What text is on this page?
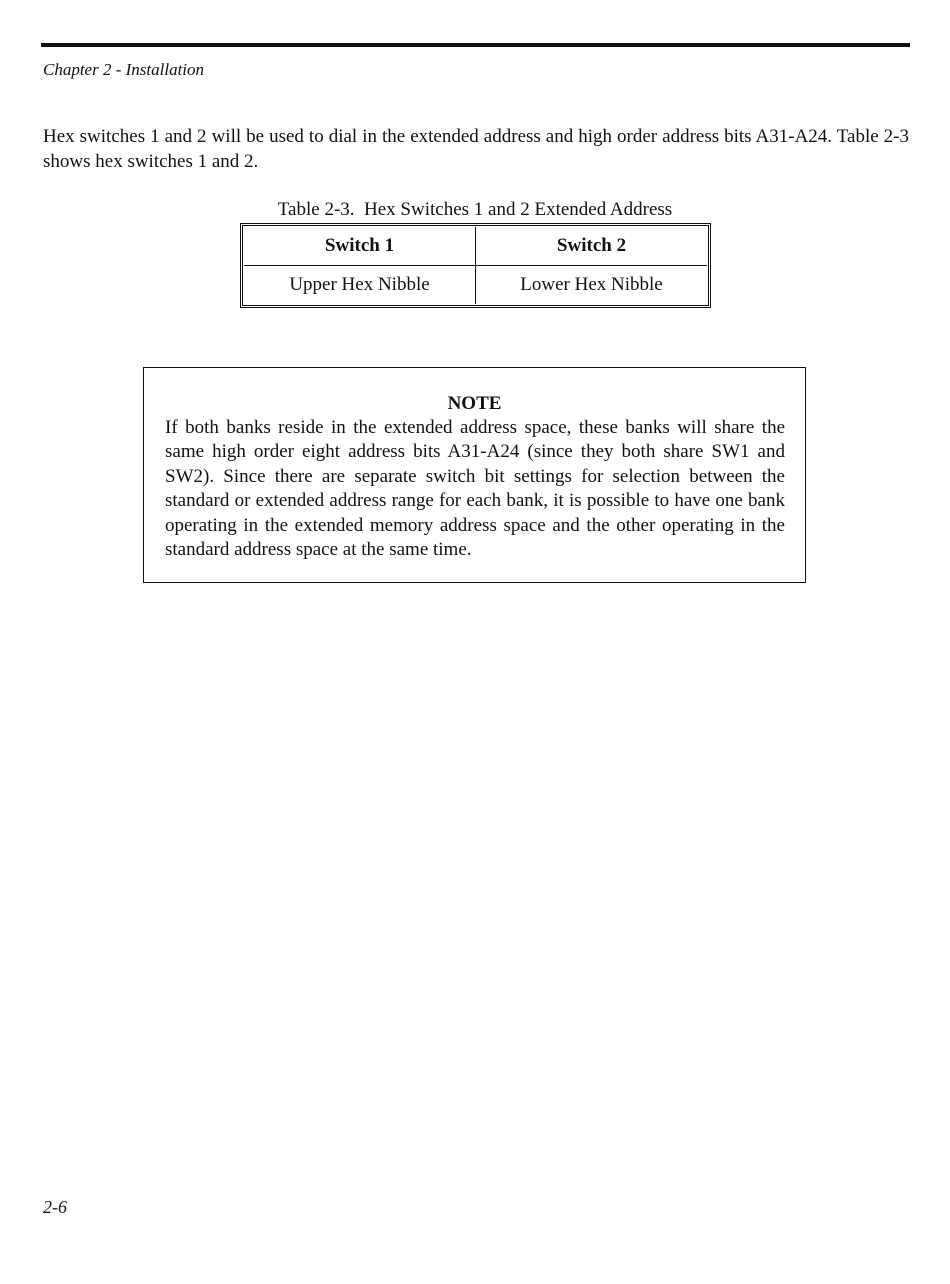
Chapter 2 - Installation

Hex switches 1 and 2 will be used to dial in the extended address and high order address bits A31-A24. Table 2-3 shows hex switches 1 and 2.

Table 2-3.  Hex Switches 1 and 2 Extended Address
Switch 1	Switch 2
Upper Hex Nibble	Lower Hex Nibble
NOTE

If both banks reside in the extended address space, these banks will share the same high order eight address bits A31-A24 (since they both share SW1 and SW2). Since there are separate switch bit settings for selection between the standard or extended address range for each bank, it is possible to have one bank operating in the extended memory address space and the other operating in the standard address space at the same time.

2-6
